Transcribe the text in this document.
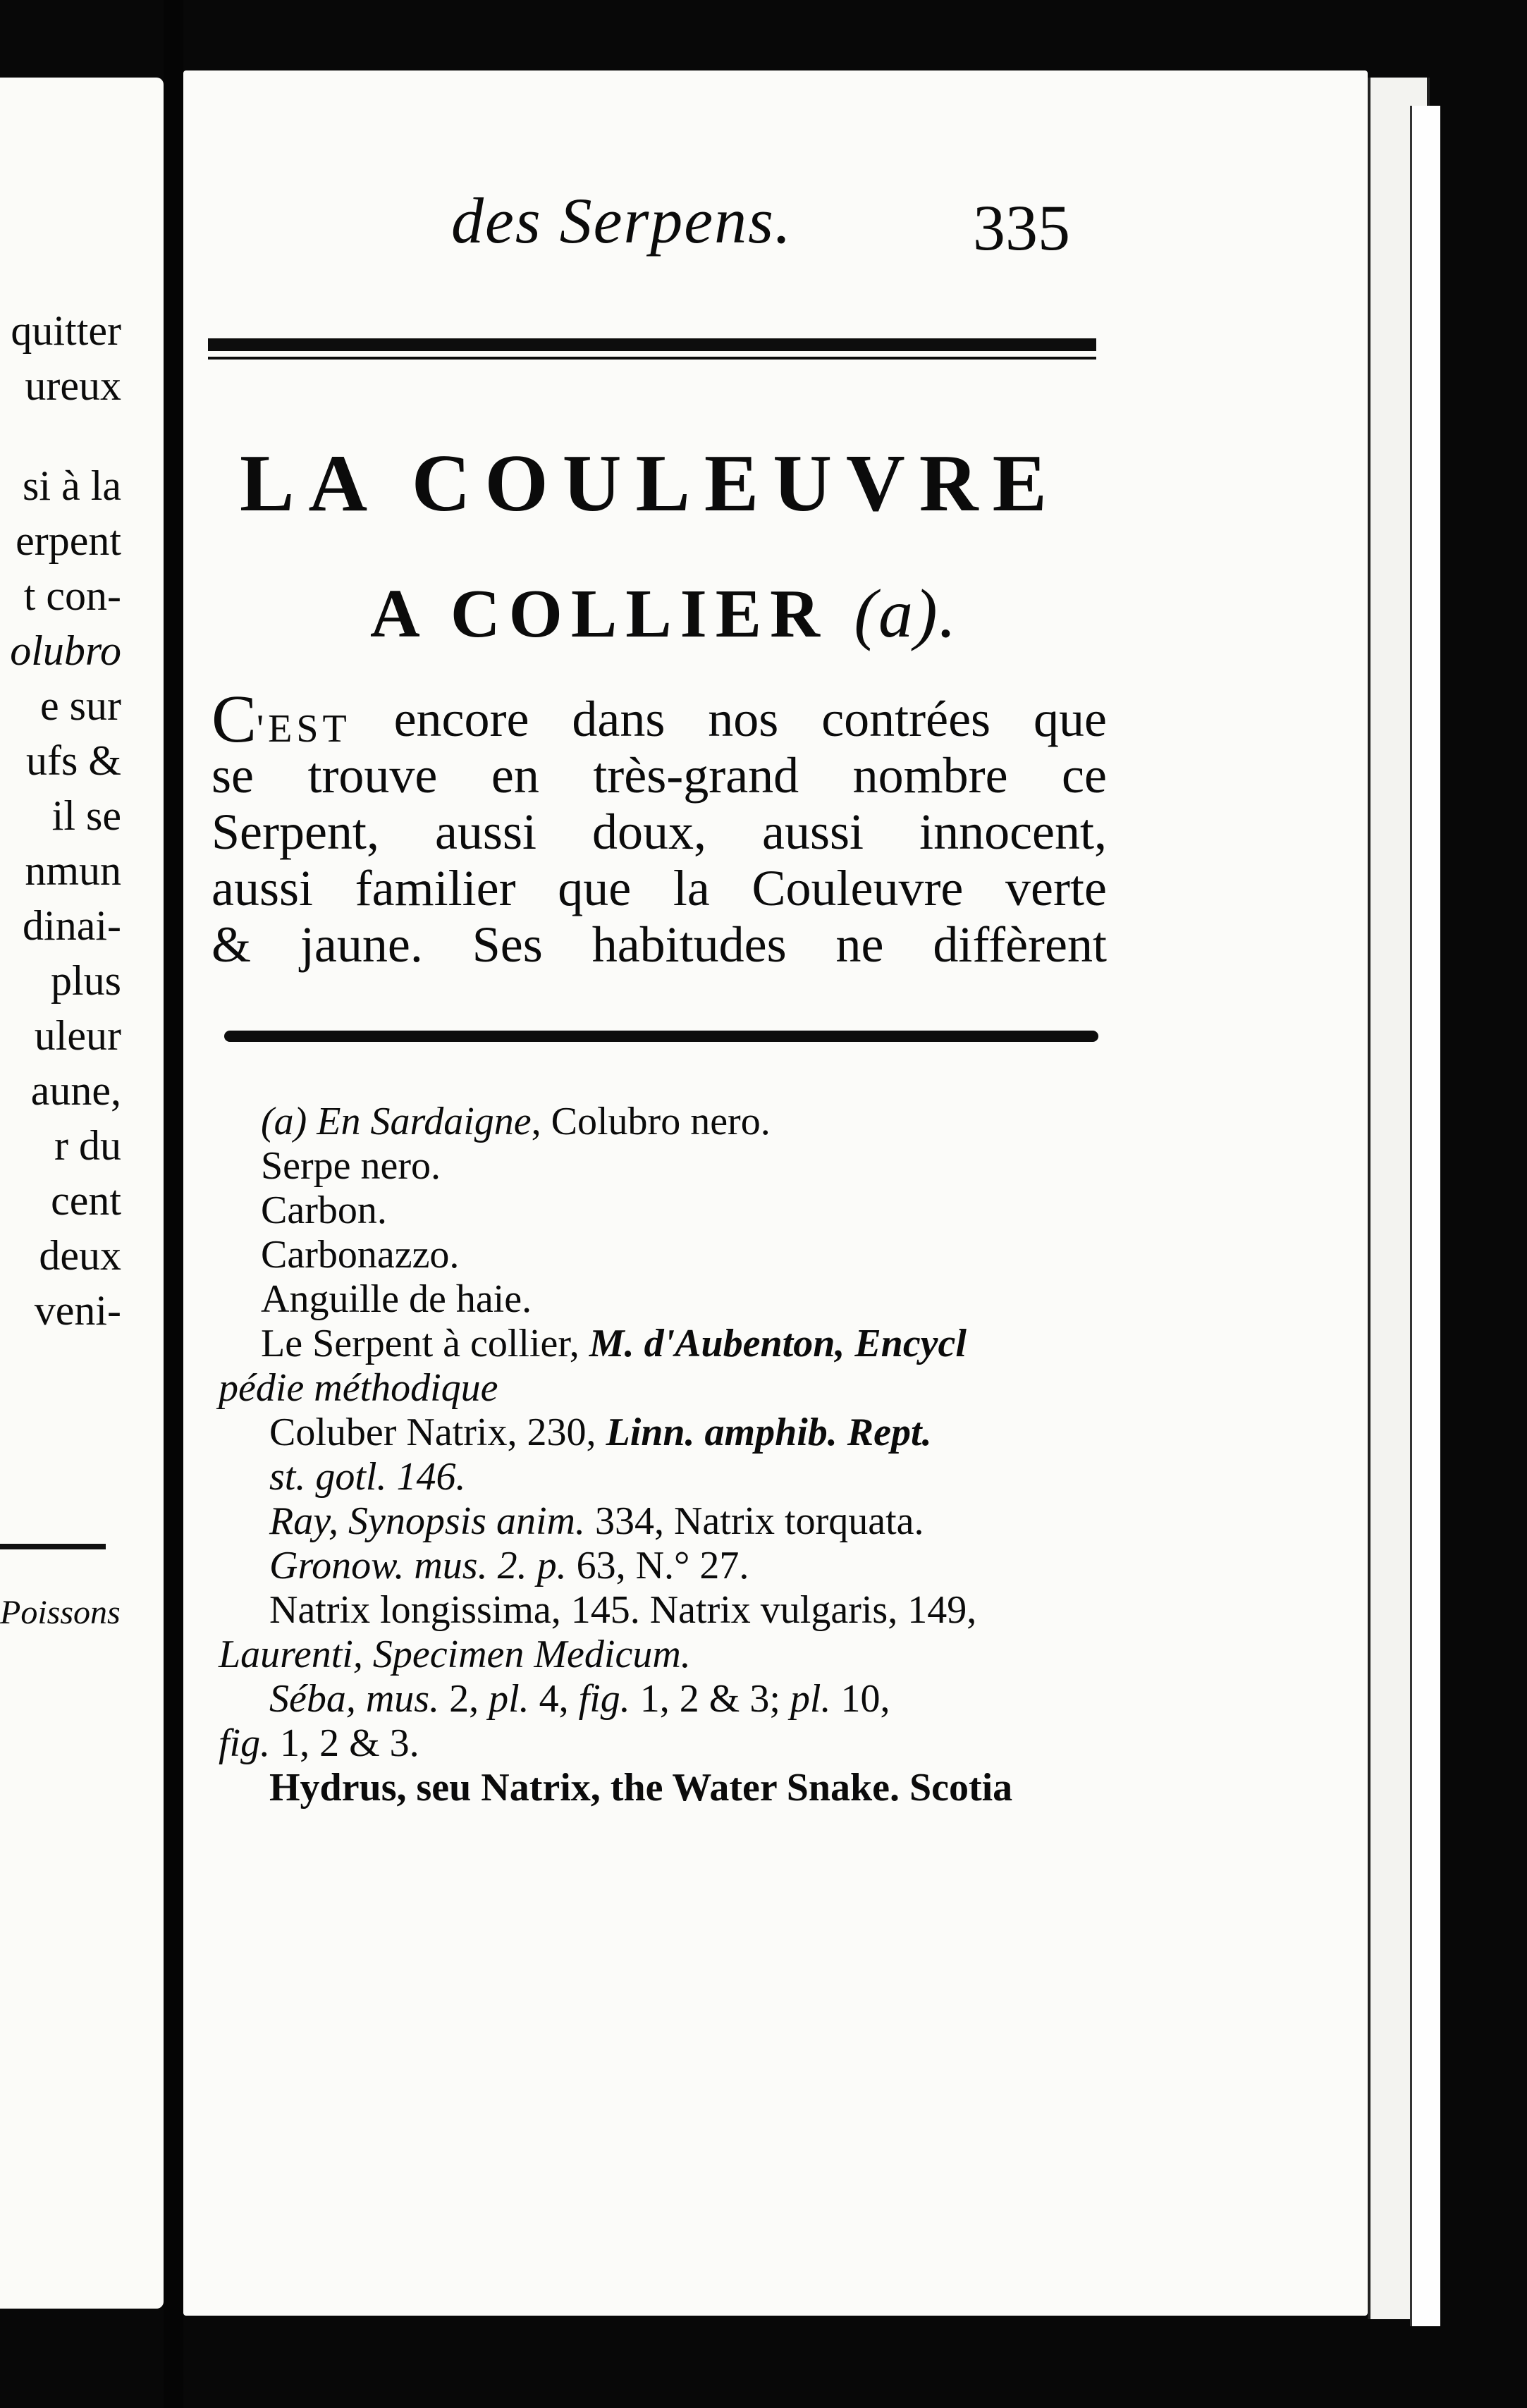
quitter
ureux
si à la
erpent
t con-
olubro
e sur
ufs &
il se
nmun
dinai-
plus
uleur
aune,
r du
cent
deux
veni-
Poissons
des Serpens.	335
LA COULEUVRE
A COLLIER (a).
C'EST encore dans nos contrées que
se trouve en très-grand nombre ce
Serpent, aussi doux, aussi innocent,
aussi familier que la Couleuvre verte
& jaune. Ses habitudes ne diffèrent
(a) En Sardaigne, Colubro nero.
Serpe nero.
Carbon.
Carbonazzo.
Anguille de haie.
Le Serpent à collier, M. d'Aubenton, Encycl
pédie méthodique
Coluber Natrix, 230, Linn. amphib. Rept.
st. gotl. 146.
Ray, Synopsis anim. 334, Natrix torquata.
Gronow. mus. 2. p. 63, N.° 27.
Natrix longissima, 145. Natrix vulgaris, 149,
Laurenti, Specimen Medicum.
Séba, mus. 2, pl. 4, fig. 1, 2 & 3; pl. 10,
fig. 1, 2 & 3.
Hydrus, seu Natrix, the Water Snake. Scotia
